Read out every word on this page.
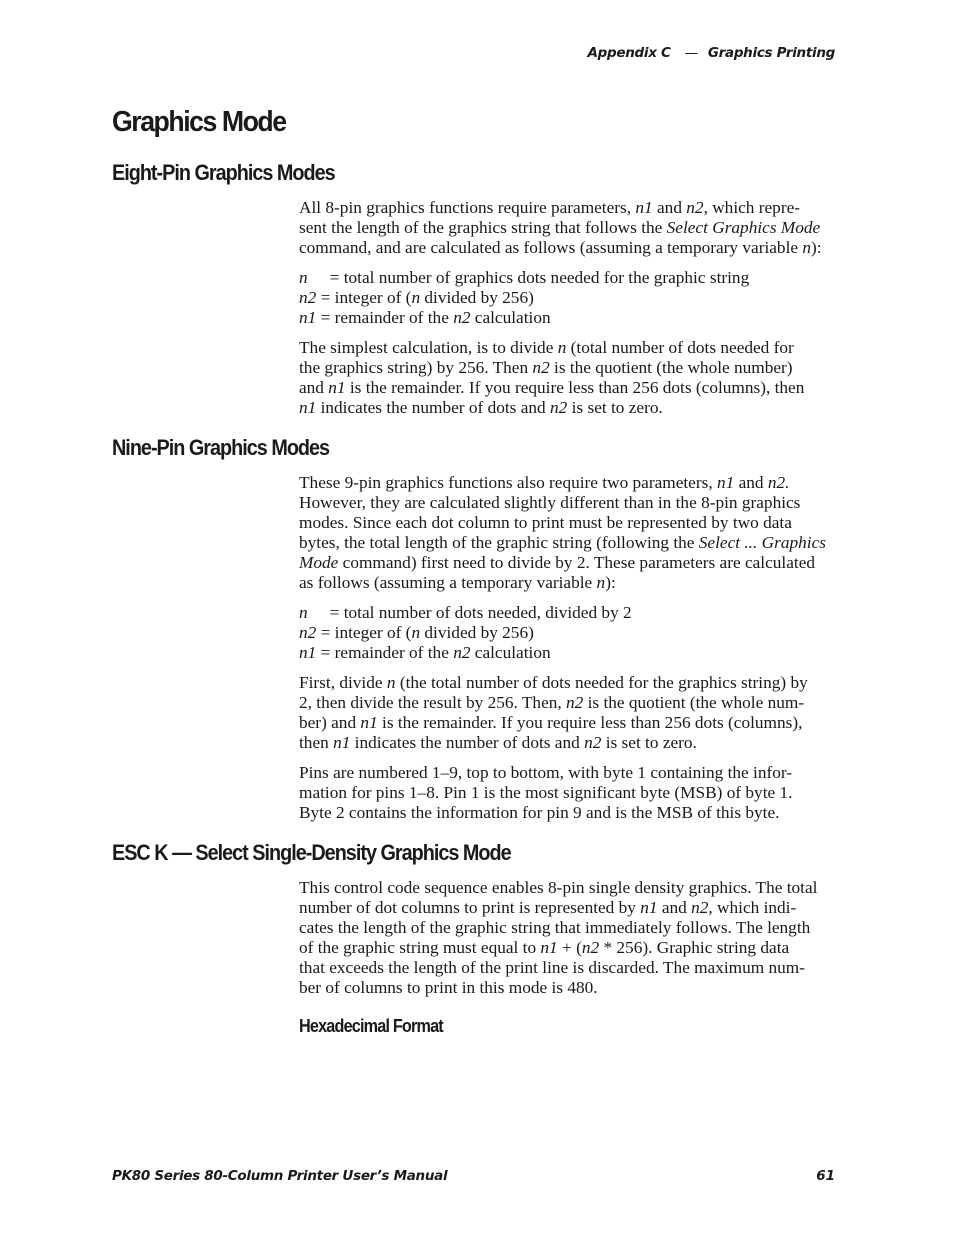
Appendix C — Graphics Printing
Graphics Mode
Eight-Pin Graphics Modes
All 8-pin graphics functions require parameters, n1 and n2, which repre-
sent the length of the graphics string that follows the Select Graphics Mode
command, and are calculated as follows (assuming a temporary variable n):
n = total number of graphics dots needed for the graphic string
n2 = integer of (n divided by 256)
n1 = remainder of the n2 calculation
The simplest calculation, is to divide n (total number of dots needed for
the graphics string) by 256. Then n2 is the quotient (the whole number)
and n1 is the remainder. If you require less than 256 dots (columns), then
n1 indicates the number of dots and n2 is set to zero.
Nine-Pin Graphics Modes
These 9-pin graphics functions also require two parameters, n1 and n2.
However, they are calculated slightly different than in the 8-pin graphics
modes. Since each dot column to print must be represented by two data
bytes, the total length of the graphic string (following the Select ... Graphics
Mode command) first need to divide by 2. These parameters are calculated
as follows (assuming a temporary variable n):
n = total number of dots needed, divided by 2
n2 = integer of (n divided by 256)
n1 = remainder of the n2 calculation
First, divide n (the total number of dots needed for the graphics string) by
2, then divide the result by 256. Then, n2 is the quotient (the whole num-
ber) and n1 is the remainder. If you require less than 256 dots (columns),
then n1 indicates the number of dots and n2 is set to zero.
Pins are numbered 1–9, top to bottom, with byte 1 containing the infor-
mation for pins 1–8. Pin 1 is the most significant byte (MSB) of byte 1.
Byte 2 contains the information for pin 9 and is the MSB of this byte.
ESC K — Select Single-Density Graphics Mode
This control code sequence enables 8-pin single density graphics. The total
number of dot columns to print is represented by n1 and n2, which indi-
cates the length of the graphic string that immediately follows. The length
of the graphic string must equal to n1 + (n2 * 256). Graphic string data
that exceeds the length of the print line is discarded. The maximum num-
ber of columns to print in this mode is 480.
Hexadecimal Format
PK80 Series 80-Column Printer User’s Manual	61
